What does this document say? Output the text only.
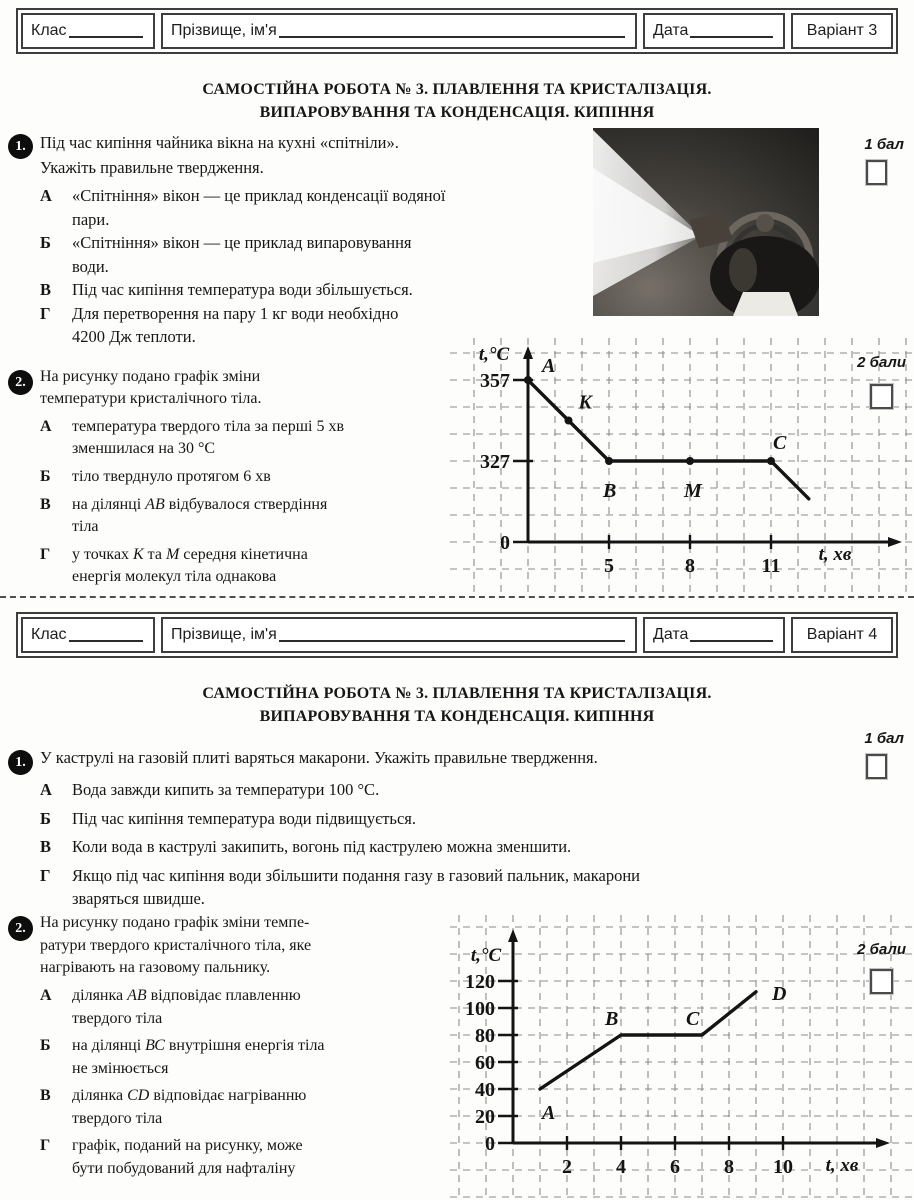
Клас	Прізвище, ім'я	Дата	Варіант 3
САМОСТІЙНА РОБОТА № 3. ПЛАВЛЕННЯ ТА КРИСТАЛІЗАЦІЯ.
ВИПАРОВУВАННЯ ТА КОНДЕНСАЦІЯ. КИПІННЯ
1. Під час кипіння чайника вікна на кухні «спітніли».
Укажіть правильне твердження.
1 бал
А	«Спітніння» вікон — це приклад конденсації водяної
пари.
Б	«Спітніння» вікон — це приклад випаровування
води.
В	Під час кипіння температура води збільшується.
Г	Для перетворення на пару 1 кг води необхідно
4200 Дж теплоти.
2. На рисунку подано графік зміни
температури кристалічного тіла.
А	температура твердого тіла за перші 5 хв
зменшилася на 30 °С
Б	тіло тверднуло протягом 6 хв
В	на ділянці АВ відбувалося ствердіння
тіла
Г	у точках К та М середня кінетична
енергія молекул тіла однакова
357
327
0
5	8	11
A
K
B	M
C
t,°C
t, хв
2 бали
Клас	Прізвище, ім'я	Дата	Варіант 4
САМОСТІЙНА РОБОТА № 3. ПЛАВЛЕННЯ ТА КРИСТАЛІЗАЦІЯ.
ВИПАРОВУВАННЯ ТА КОНДЕНСАЦІЯ. КИПІННЯ
1 бал
1. У каструлі на газовій плиті варяться макарони. Укажіть правильне твердження.
А	Вода завжди кипить за температури 100 °С.
Б	Під час кипіння температура води підвищується.
В	Коли вода в каструлі закипить, вогонь під каструлею можна зменшити.
Г	Якщо під час кипіння води збільшити подання газу в газовий пальник, макарони
зваряться швидше.
2. На рисунку подано графік зміни темпе-
ратури твердого кристалічного тіла, яке
нагрівають на газовому пальнику.
А	ділянка АВ відповідає плавленню
твердого тіла
Б	на ділянці ВС внутрішня енергія тіла
не змінюється
В	ділянка CD відповідає нагріванню
твердого тіла
Г	графік, поданий на рисунку, може
бути побудований для нафталіну
0
20
40
60
80
100
120
2 4 6 8 10
A
B	C
D
t,°C
t, хв
2 бали
